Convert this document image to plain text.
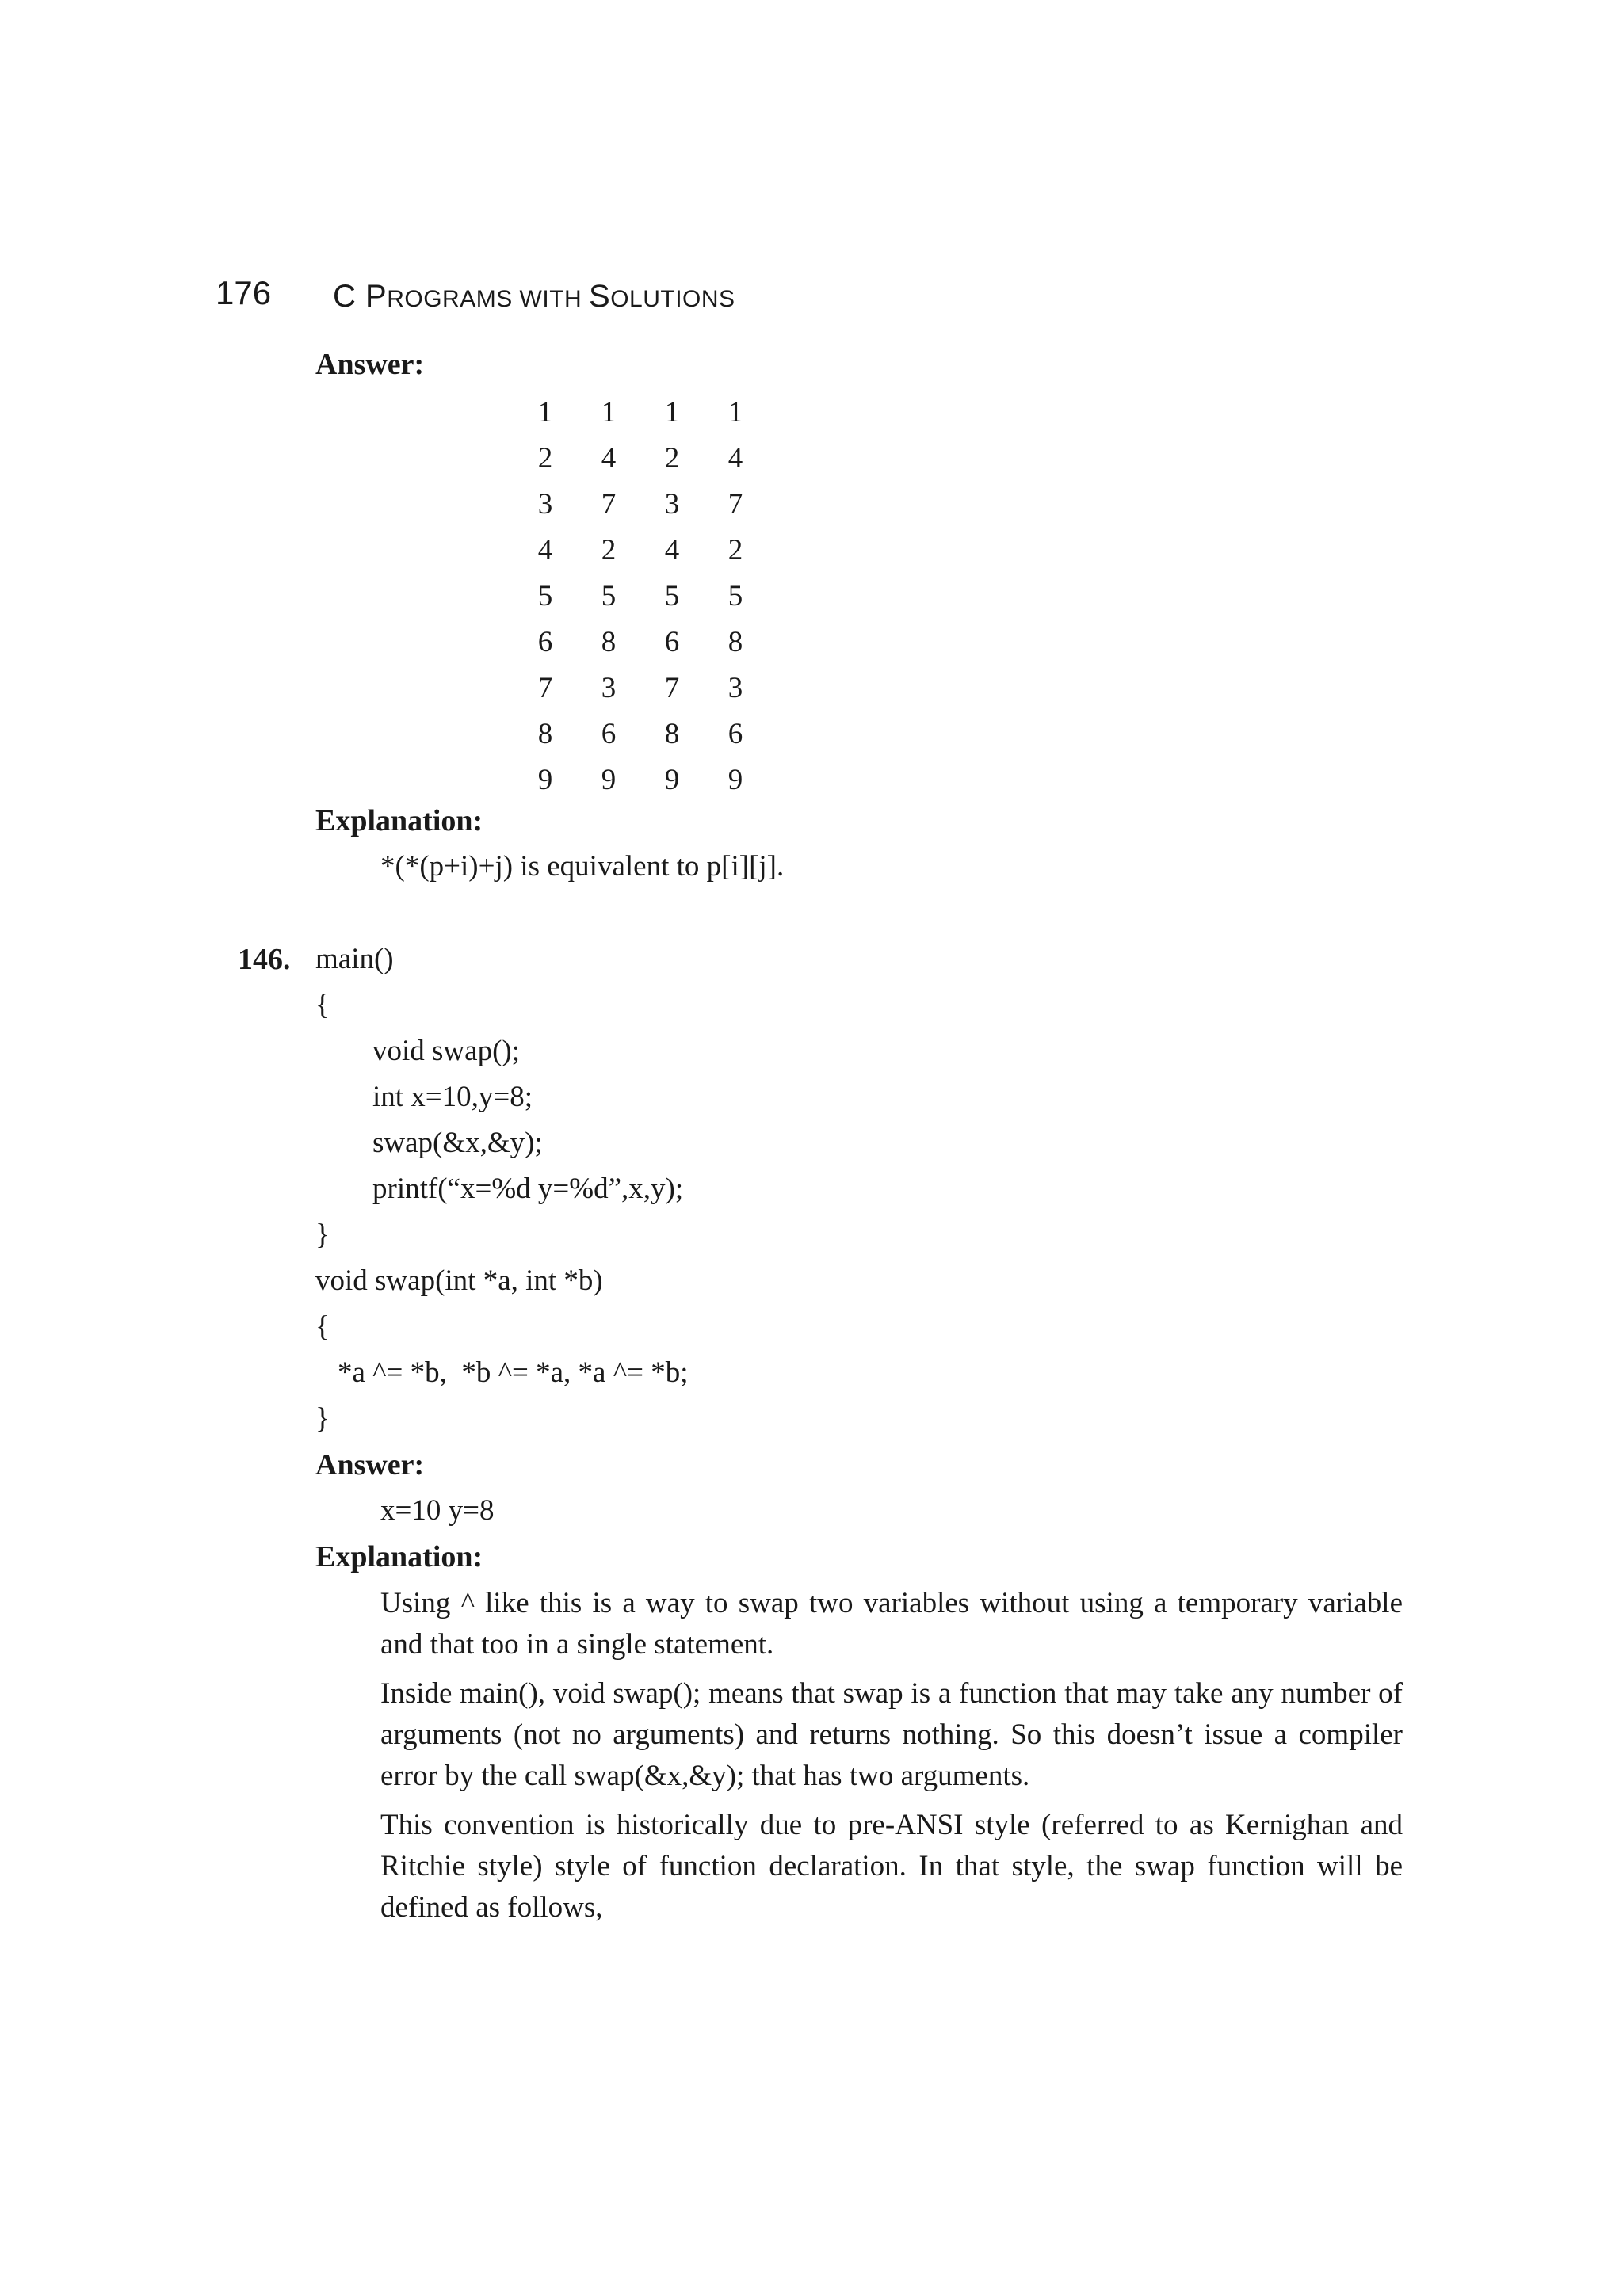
176 C PROGRAMS WITH SOLUTIONS
Answer:
1	1	1	1
2	4	2	4
3	7	3	7
4	2	4	2
5	5	5	5
6	8	6	8
7	3	7	3
8	6	8	6
9	9	9	9
Explanation:
*(*(p+i)+j) is equivalent to p[i][j].
146. main()
{
void swap();
int x=10,y=8;
swap(&x,&y);
printf(“x=%d y=%d”,x,y);
}
void swap(int *a, int *b)
{
*a ^= *b,  *b ^= *a, *a ^= *b;
}
Answer:
x=10 y=8
Explanation:
Using ^ like this is a way to swap two variables without using a temporary variable and that too in a single statement.
Inside main(), void swap(); means that swap is a function that may take any number of arguments (not no arguments) and returns nothing. So this doesn’t issue a compiler error by the call swap(&x,&y); that has two arguments.
This convention is historically due to pre-ANSI style (referred to as Kernighan and Ritchie style) style of function declaration. In that style, the swap function will be defined as follows,
